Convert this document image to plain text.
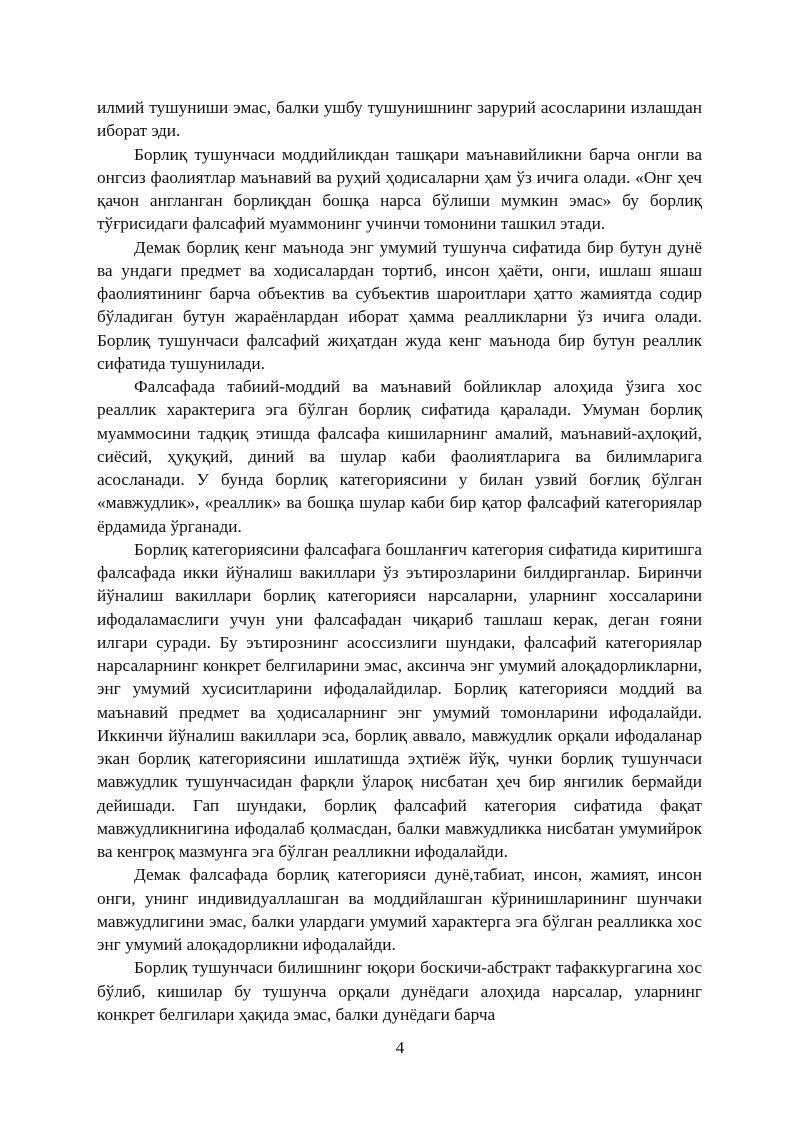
илмий тушуниши эмас, балки ушбу тушунишнинг зарурий асосларини излашдан иборат эди.

Борлиқ тушунчаси моддийликдан ташқари маънавийликни барча онгли ва онгсиз фаолиятлар маънавий ва руҳий ҳодисаларни ҳам ўз ичига олади. «Онг ҳеч қачон англанган борлиқдан бошқа нарса бўлиши мумкин эмас» бу борлиқ тўғрисидаги фалсафий муаммонинг учинчи томонини ташкил этади.

Демак борлиқ кенг маънода энг умумий тушунча сифатида бир бутун дунё ва ундаги предмет ва ходисалардан тортиб, инсон ҳаёти, онги, ишлаш яшаш фаолиятининг барча объектив ва субъектив шароитлари ҳатто жамиятда содир бўладиган бутун жараёнлардан иборат ҳамма реалликларни ўз ичига олади. Борлиқ тушунчаси фалсафий жиҳатдан жуда кенг маънода бир бутун реаллик сифатида тушунилади.

Фалсафада табиий-моддий ва маънавий бойликлар алоҳида ўзига хос реаллик характерига эга бўлган борлиқ сифатида қаралади. Умуман борлиқ муаммосини тадқиқ этишда фалсафа кишиларнинг амалий, маънавий-аҳлоқий, сиёсий, ҳуқуқий, диний ва шулар каби фаолиятларига ва билимларига асосланади. У бунда борлиқ категориясини у билан узвий боғлиқ бўлган «мавжудлик», «реаллик» ва бошқа шулар каби бир қатор фалсафий категориялар ёрдамида ўрганади.

Борлиқ категориясини фалсафага бошланғич категория сифатида киритишга фалсафада икки йўналиш вакиллари ўз эътирозларини билдирганлар. Биринчи йўналиш вакиллари борлиқ категорияси нарсаларни, уларнинг хоссаларини ифодаламаслиги учун уни фалсафадан чиқариб ташлаш керак, деган ғояни илгари суради. Бу эътирознинг асоссизлиги шундаки, фалсафий категориялар нарсаларнинг конкрет белгиларини эмас, аксинча энг умумий алоқадорликларни, энг умумий хусиситларини ифодалайдилар. Борлиқ категорияси моддий ва маънавий предмет ва ҳодисаларнинг энг умумий томонларини ифодалайди. Иккинчи йўналиш вакиллари эса, борлиқ аввало, мавжудлик орқали ифодаланар экан борлиқ категориясини ишлатишда эҳтиёж йўқ, чунки борлиқ тушунчаси мавжудлик тушунчасидан фарқли ўлароқ нисбатан ҳеч бир янгилик бермайди дейишади. Гап шундаки, борлиқ фалсафий категория сифатида фақат мавжудликнигина ифодалаб қолмасдан, балки мавжудликка нисбатан умумийрок ва кенгроқ мазмунга эга бўлган реалликни ифодалайди.

Демак фалсафада борлиқ категорияси дунё,табиат, инсон, жамият, инсон онги, унинг индивидуаллашган ва моддийлашган кўринишларининг шунчаки мавжудлигини эмас, балки улардаги умумий характерга эга бўлган реалликка хос энг умумий алоқадорликни ифодалайди.

Борлиқ тушунчаси билишнинг юқори боскичи-абстракт тафаккургагина хос бўлиб, кишилар бу тушунча орқали дунёдаги алоҳида нарсалар, уларнинг конкрет белгилари ҳақида эмас, балки дунёдаги барча

4
